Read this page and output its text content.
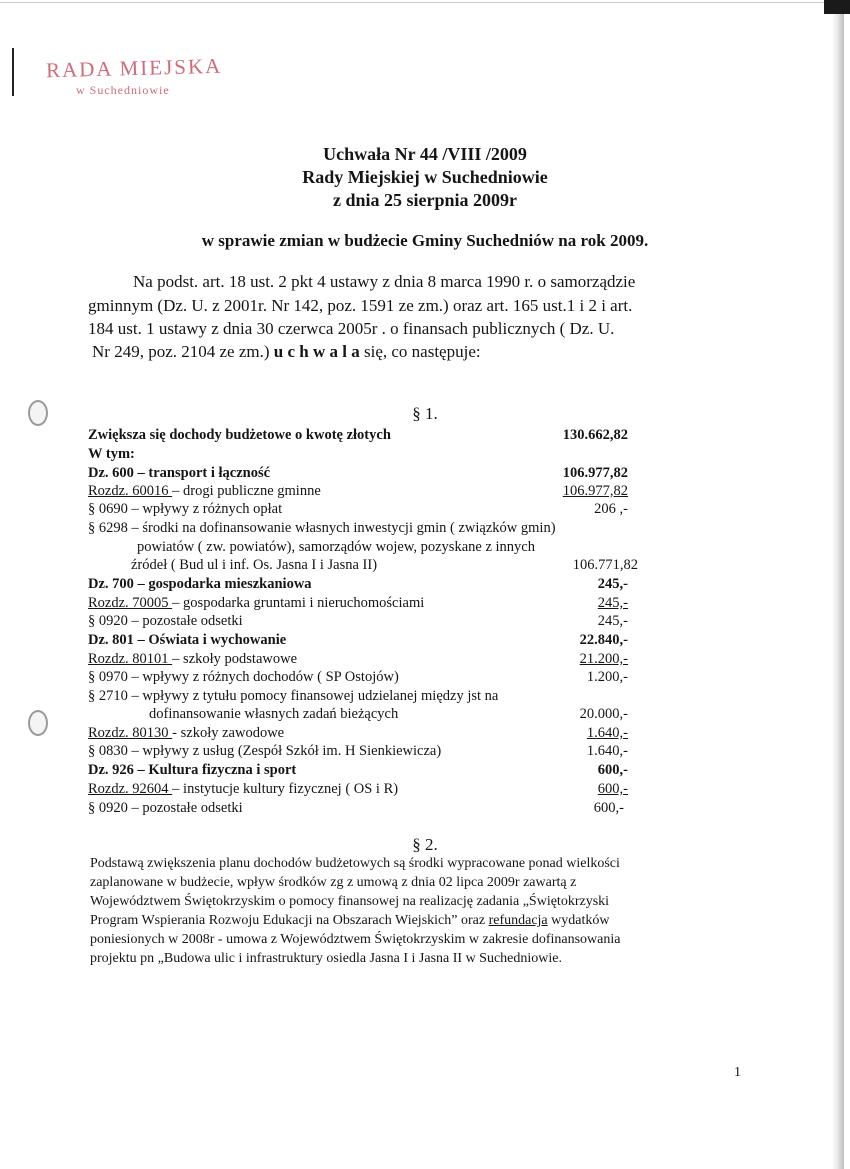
RADA MIEJSKA
w Suchedniowie
Uchwała Nr 44 /VIII /2009
Rady Miejskiej w Suchedniowie
z dnia 25 sierpnia 2009r
w sprawie zmian w budżecie Gminy Suchedniów na rok 2009.
Na podst. art. 18 ust. 2 pkt 4 ustawy z dnia 8 marca 1990 r. o samorządzie
gminnym (Dz. U. z 2001r. Nr 142, poz. 1591 ze zm.) oraz art. 165 ust.1 i 2 i art.
184 ust. 1 ustawy z dnia 30 czerwca 2005r . o finansach publicznych ( Dz. U.
Nr 249, poz. 2104 ze zm.) u c h w a l a się, co następuje:
§ 1.
Zwiększa się dochody budżetowe o kwotę złotych	130.662,82
W tym:
Dz. 600 – transport i łączność	106.977,82
Rozdz. 60016 – drogi publiczne gminne	106.977,82
§ 0690 – wpływy z różnych opłat	206 ,-
§ 6298 – środki na dofinansowanie własnych inwestycji gmin ( związków gmin)
powiatów ( zw. powiatów), samorządów wojew, pozyskane z innych
źródeł ( Bud ul i inf. Os. Jasna I i Jasna II)	106.771,82
Dz. 700 – gospodarka mieszkaniowa	245,-
Rozdz. 70005 – gospodarka gruntami i nieruchomościami	245,-
§ 0920 – pozostałe odsetki	245,-
Dz. 801 – Oświata i wychowanie	22.840,-
Rozdz. 80101 – szkoły podstawowe	21.200,-
§ 0970 – wpływy z różnych dochodów ( SP Ostojów)	1.200,-
§ 2710 – wpływy z tytułu pomocy finansowej udzielanej między jst na
dofinansowanie własnych zadań bieżących	20.000,-
Rozdz. 80130 - szkoły zawodowe	1.640,-
§ 0830 – wpływy z usług (Zespół Szkół im. H Sienkiewicza)	1.640,-
Dz. 926 – Kultura fizyczna i sport	600,-
Rozdz. 92604 – instytucje kultury fizycznej ( OS i R)	600,-
§ 0920 – pozostałe odsetki	600,-
§ 2.
Podstawą zwiększenia planu dochodów budżetowych są środki wypracowane ponad wielkości
zaplanowane w budżecie, wpływ środków zg z umową z dnia 02 lipca 2009r zawartą z
Województwem Świętokrzyskim o pomocy finansowej na realizację zadania „Świętokrzyski
Program Wspierania Rozwoju Edukacji na Obszarach Wiejskich” oraz refundacja wydatków
poniesionych w 2008r - umowa z Województwem Świętokrzyskim w zakresie dofinansowania
projektu pn „Budowa ulic i infrastruktury osiedla Jasna I i Jasna II w Suchedniowie.
1
